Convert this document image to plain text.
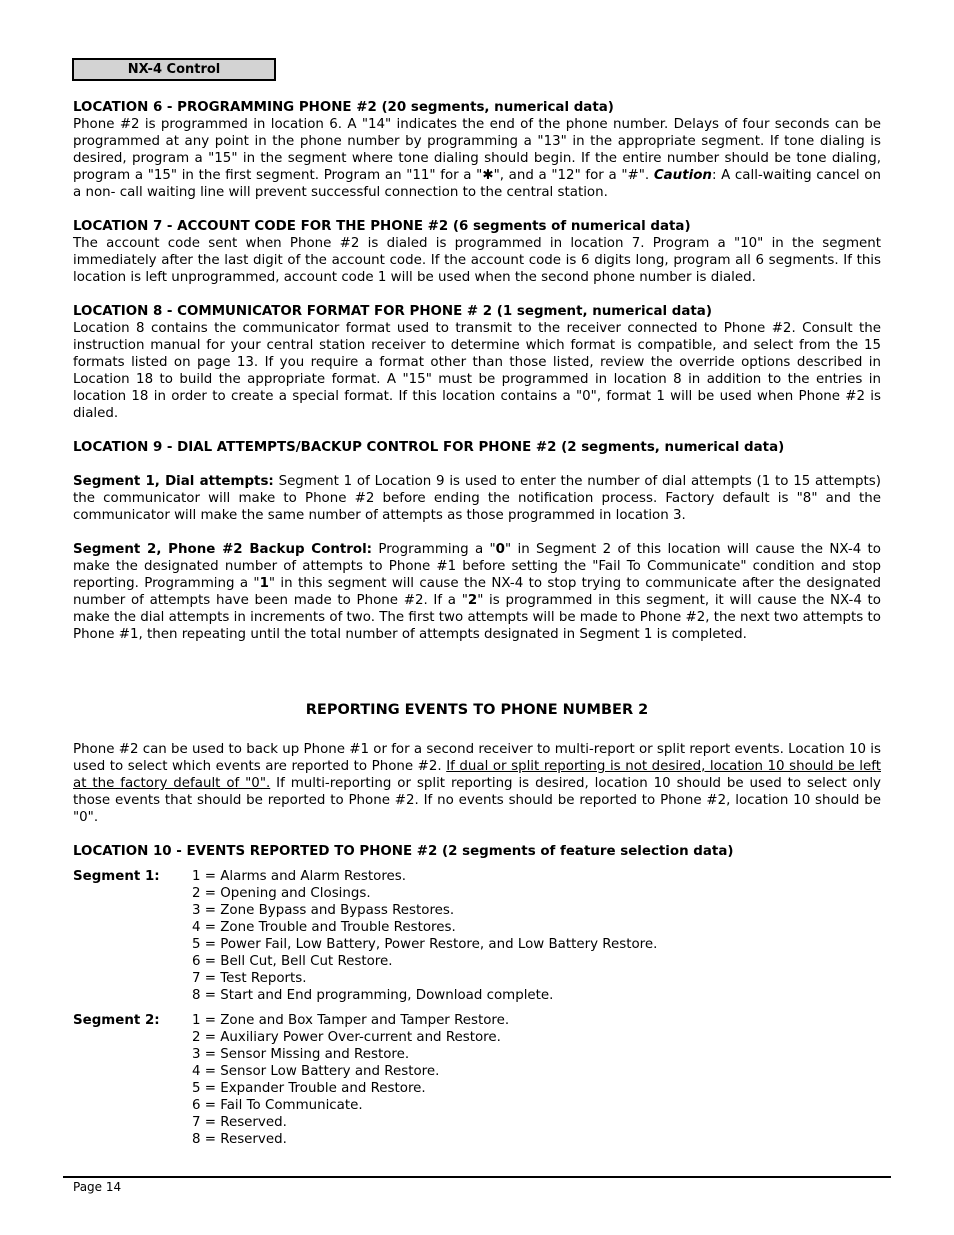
NX-4 Control

LOCATION 6 - PROGRAMMING PHONE #2 (20 segments, numerical data)

Phone #2 is programmed in location 6. A "14" indicates the end of the phone number. Delays of four seconds can be programmed at any point in the phone number by programming a "13" in the appropriate segment. If tone dialing is desired, program a "15" in the segment where tone dialing should begin. If the entire number should be tone dialing, program a "15" in the first segment. Program an "11" for a "✱", and a "12" for a "#". Caution: A call-waiting cancel on a non- call waiting line will prevent successful connection to the central station.

LOCATION 7 - ACCOUNT CODE FOR THE PHONE #2 (6 segments of numerical data)

The account code sent when Phone #2 is dialed is programmed in location 7. Program a "10" in the segment immediately after the last digit of the account code. If the account code is 6 digits long, program all 6 segments. If this location is left unprogrammed, account code 1 will be used when the second phone number is dialed.

LOCATION 8 - COMMUNICATOR FORMAT FOR PHONE # 2 (1 segment, numerical data)

Location 8 contains the communicator format used to transmit to the receiver connected to Phone #2. Consult the instruction manual for your central station receiver to determine which format is compatible, and select from the 15 formats listed on page 13. If you require a format other than those listed, review the override options described in Location 18 to build the appropriate format. A "15" must be programmed in location 8 in addition to the entries in location 18 in order to create a special format. If this location contains a "0", format 1 will be used when Phone #2 is dialed.

LOCATION 9 - DIAL ATTEMPTS/BACKUP CONTROL FOR PHONE #2 (2 segments, numerical data)

Segment 1, Dial attempts: Segment 1 of Location 9 is used to enter the number of dial attempts (1 to 15 attempts) the communicator will make to Phone #2 before ending the notification process. Factory default is "8" and the communicator will make the same number of attempts as those programmed in location 3.

Segment 2, Phone #2 Backup Control: Programming a "0" in Segment 2 of this location will cause the NX-4 to make the designated number of attempts to Phone #1 before setting the "Fail To Communicate" condition and stop reporting. Programming a "1" in this segment will cause the NX-4 to stop trying to communicate after the designated number of attempts have been made to Phone #2. If a "2" is programmed in this segment, it will cause the NX-4 to make the dial attempts in increments of two. The first two attempts will be made to Phone #2, the next two attempts to Phone #1, then repeating until the total number of attempts designated in Segment 1 is completed.

REPORTING EVENTS TO PHONE NUMBER 2

Phone #2 can be used to back up Phone #1 or for a second receiver to multi-report or split report events. Location 10 is used to select which events are reported to Phone #2. If dual or split reporting is not desired, location 10 should be left at the factory default of "0". If multi-reporting or split reporting is desired, location 10 should be used to select only those events that should be reported to Phone #2. If no events should be reported to Phone #2, location 10 should be "0".

LOCATION 10 - EVENTS REPORTED TO PHONE #2 (2 segments of feature selection data)

Segment 1:	1 = Alarms and Alarm Restores.
2 = Opening and Closings.
3 = Zone Bypass and Bypass Restores.
4 = Zone Trouble and Trouble Restores.
5 = Power Fail, Low Battery, Power Restore, and Low Battery Restore.
6 = Bell Cut, Bell Cut Restore.
7 = Test Reports.
8 = Start and End programming, Download complete.
Segment 2:	1 = Zone and Box Tamper and Tamper Restore.
2 = Auxiliary Power Over-current and Restore.
3 = Sensor Missing and Restore.
4 = Sensor Low Battery and Restore.
5 = Expander Trouble and Restore.
6 = Fail To Communicate.
7 = Reserved.
8 = Reserved.
Page 14
